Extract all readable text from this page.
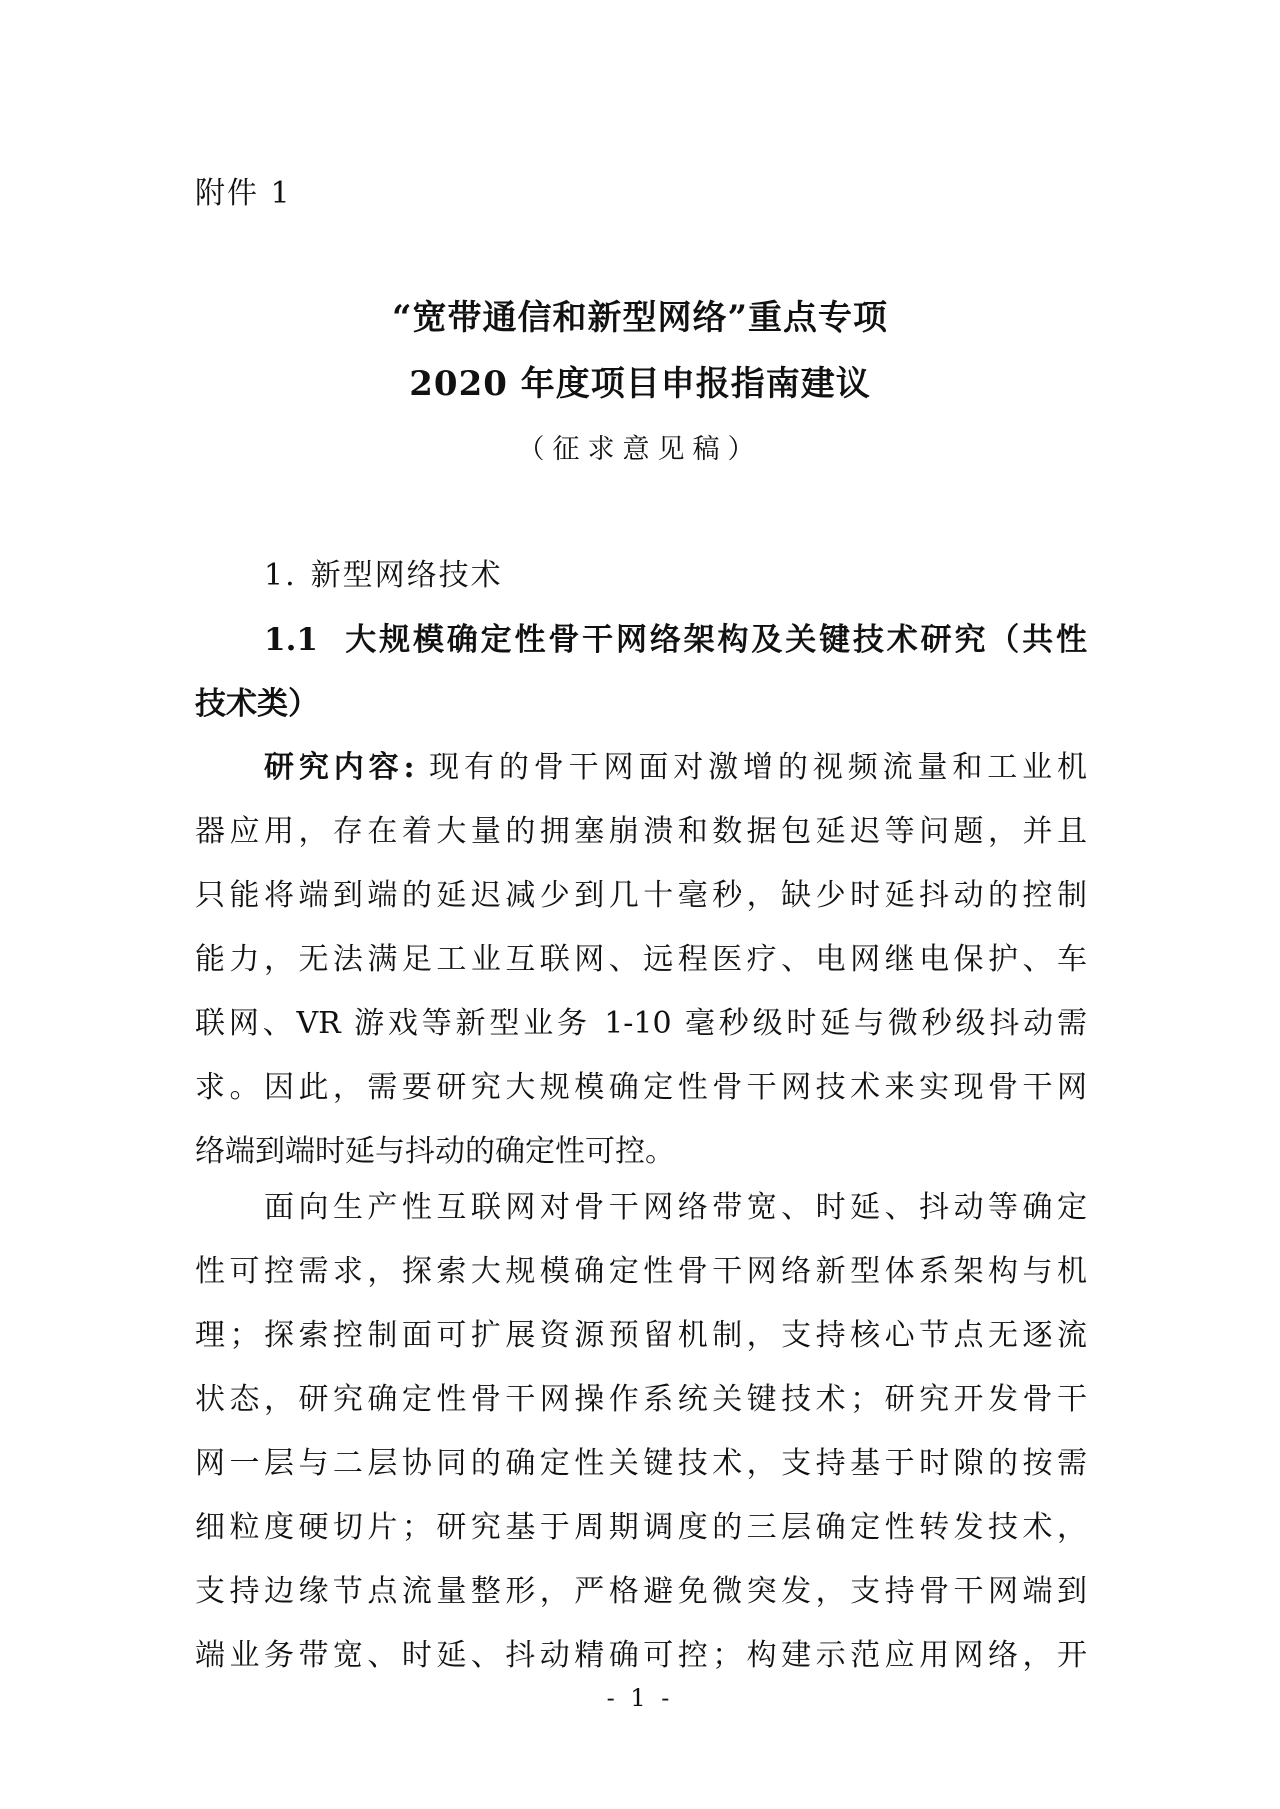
附件 1
“宽带通信和新型网络”重点专项
2020 年度项目申报指南建议
（征求意见稿）
1. 新型网络技术
1.1 大规模确定性骨干网络架构及关键技术研究（共性
技术类）
研究内容: 现有的骨干网面对激增的视频流量和工业机
器应用，存在着大量的拥塞崩溃和数据包延迟等问题，并且
只能将端到端的延迟减少到几十毫秒，缺少时延抖动的控制
能力，无法满足工业互联网、远程医疗、电网继电保护、车
联网、VR 游戏等新型业务 1-10 毫秒级时延与微秒级抖动需
求。因此，需要研究大规模确定性骨干网技术来实现骨干网
络端到端时延与抖动的确定性可控。
面向生产性互联网对骨干网络带宽、时延、抖动等确定
性可控需求，探索大规模确定性骨干网络新型体系架构与机
理；探索控制面可扩展资源预留机制，支持核心节点无逐流
状态，研究确定性骨干网操作系统关键技术；研究开发骨干
网一层与二层协同的确定性关键技术，支持基于时隙的按需
细粒度硬切片；研究基于周期调度的三层确定性转发技术，
支持边缘节点流量整形，严格避免微突发，支持骨干网端到
端业务带宽、时延、抖动精确可控；构建示范应用网络，开
- 1 -
